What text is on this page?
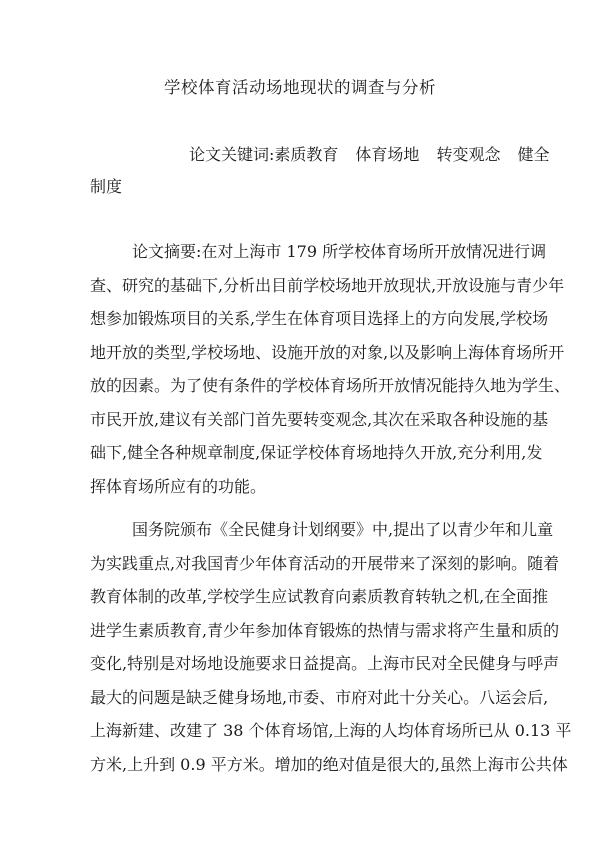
学校体育活动场地现状的调查与分析
论文关键词:素质教育 体育场地 转变观念 健全
制度
论文摘要:在对上海市 179 所学校体育场所开放情况进行调
查、研究的基础下,分析出目前学校场地开放现状,开放设施与青少年
想参加锻炼项目的关系,学生在体育项目选择上的方向发展,学校场
地开放的类型,学校场地、设施开放的对象,以及影响上海体育场所开
放的因素。为了使有条件的学校体育场所开放情况能持久地为学生、
市民开放,建议有关部门首先要转变观念,其次在采取各种设施的基
础下,健全各种规章制度,保证学校体育场地持久开放,充分利用,发
挥体育场所应有的功能。
国务院颁布《全民健身计划纲要》中,提出了以青少年和儿童
为实践重点,对我国青少年体育活动的开展带来了深刻的影响。随着
教育体制的改革,学校学生应试教育向素质教育转轨之机,在全面推
进学生素质教育,青少年参加体育锻炼的热情与需求将产生量和质的
变化,特别是对场地设施要求日益提高。上海市民对全民健身与呼声
最大的问题是缺乏健身场地,市委、市府对此十分关心。八运会后,
上海新建、改建了 38 个体育场馆,上海的人均体育场所已从 0.13 平
方米,上升到 0.9 平方米。增加的绝对值是很大的,虽然上海市公共体
